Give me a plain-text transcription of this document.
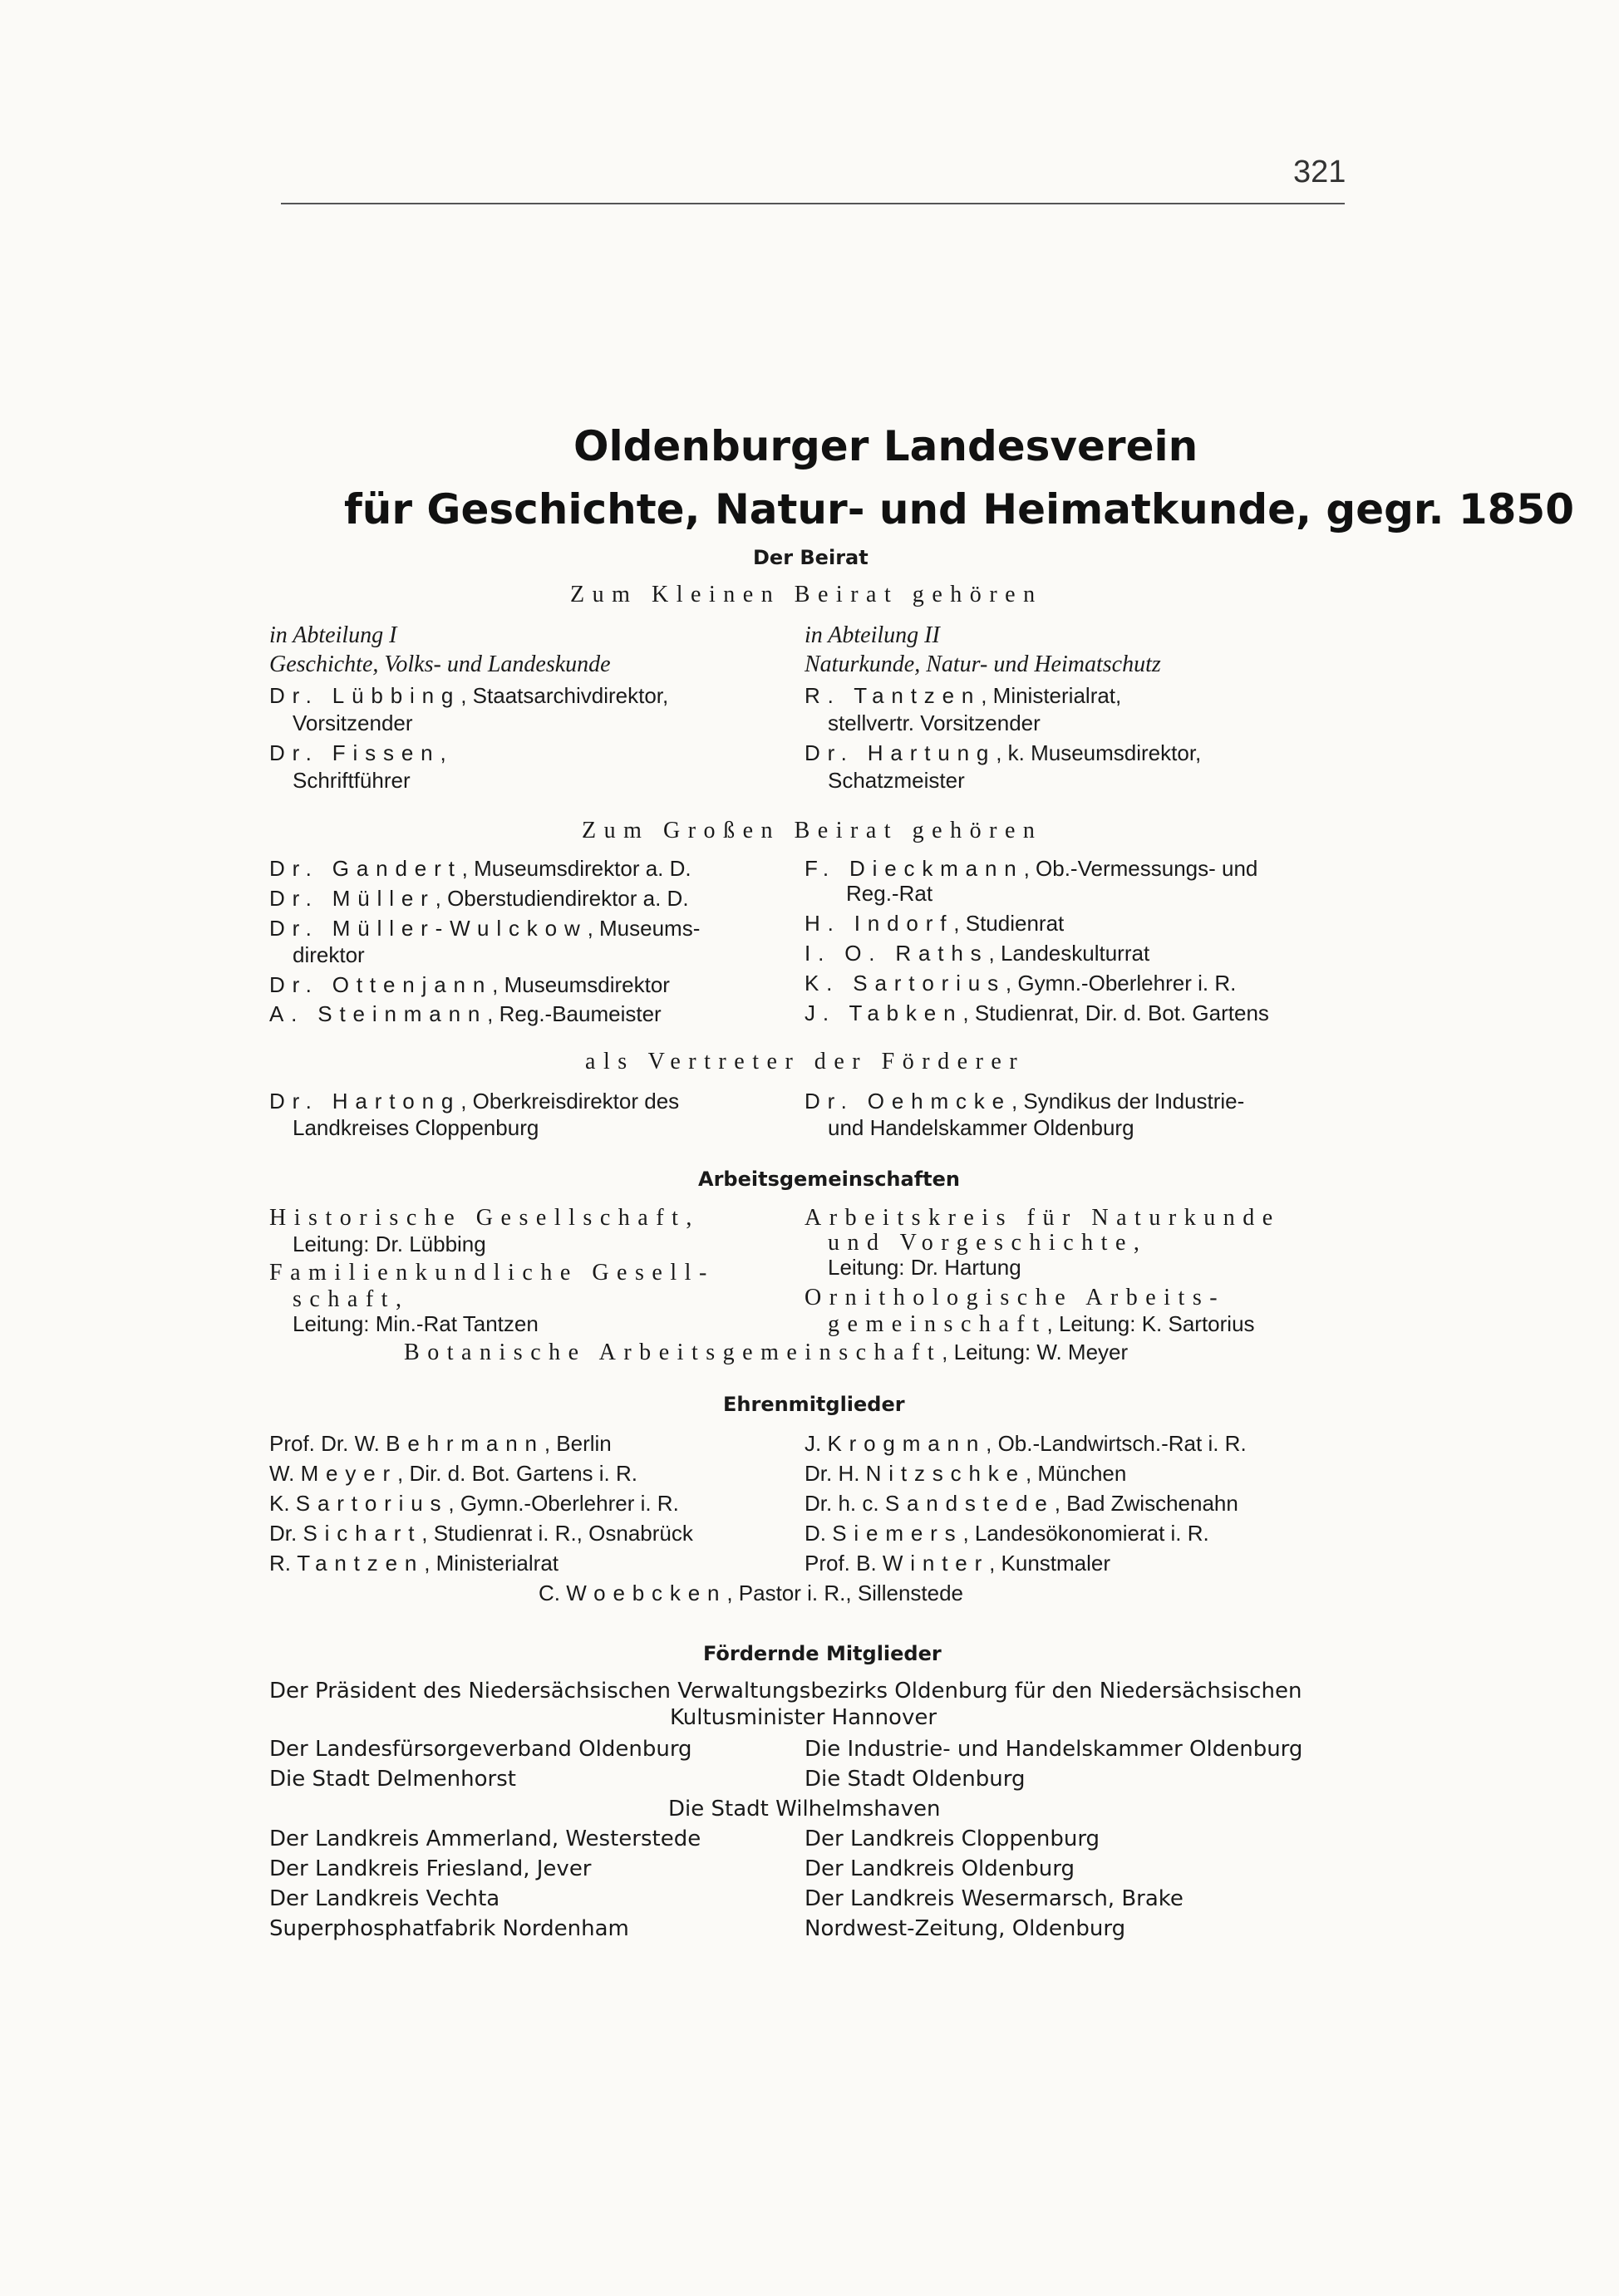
321
Oldenburger Landesverein
für Geschichte, Natur- und Heimatkunde, gegr. 1850
Der Beirat
Zum Kleinen Beirat gehören
in Abteilung I
Geschichte, Volks- und Landeskunde
Dr. Lübbing, Staatsarchivdirektor,
Vorsitzender
Dr. Fissen,
Schriftführer
in Abteilung II
Naturkunde, Natur- und Heimatschutz
R. Tantzen, Ministerialrat,
stellvertr. Vorsitzender
Dr. Hartung, k. Museumsdirektor,
Schatzmeister
Zum Großen Beirat gehören
Dr. Gandert, Museumsdirektor a. D.
Dr. Müller, Oberstudiendirektor a. D.
Dr. Müller-Wulckow, Museums-
direktor
Dr. Ottenjann, Museumsdirektor
A. Steinmann, Reg.-Baumeister
F. Dieckmann, Ob.-Vermessungs- und
Reg.-Rat
H. Indorf, Studienrat
I. O. Raths, Landeskulturrat
K. Sartorius, Gymn.-Oberlehrer i. R.
J. Tabken, Studienrat, Dir. d. Bot. Gartens
als Vertreter der Förderer
Dr. Hartong, Oberkreisdirektor des
Landkreises Cloppenburg
Dr. Oehmcke, Syndikus der Industrie-
und Handelskammer Oldenburg
Arbeitsgemeinschaften
Historische Gesellschaft,
Leitung: Dr. Lübbing
Familienkundliche Gesell-
schaft,
Leitung: Min.-Rat Tantzen
Arbeitskreis für Naturkunde
und Vorgeschichte,
Leitung: Dr. Hartung
Ornithologische Arbeits-
gemeinschaft, Leitung: K. Sartorius
Botanische Arbeitsgemeinschaft, Leitung: W. Meyer
Ehrenmitglieder
Prof. Dr. W. Behrmann, Berlin
W. Meyer, Dir. d. Bot. Gartens i. R.
K. Sartorius, Gymn.-Oberlehrer i. R.
Dr. Sichart, Studienrat i. R., Osnabrück
R. Tantzen, Ministerialrat
J. Krogmann, Ob.-Landwirtsch.-Rat i. R.
Dr. H. Nitzschke, München
Dr. h. c. Sandstede, Bad Zwischenahn
D. Siemers, Landesökonomierat i. R.
Prof. B. Winter, Kunstmaler
C. Woebcken, Pastor i. R., Sillenstede
Fördernde Mitglieder
Der Präsident des Niedersächsischen Verwaltungsbezirks Oldenburg für den Niedersächsischen
Kultusminister Hannover
Der Landesfürsorgeverband Oldenburg
Die Stadt Delmenhorst
Die Industrie- und Handelskammer Oldenburg
Die Stadt Oldenburg
Die Stadt Wilhelmshaven
Der Landkreis Ammerland, Westerstede
Der Landkreis Friesland, Jever
Der Landkreis Vechta
Superphosphatfabrik Nordenham
Der Landkreis Cloppenburg
Der Landkreis Oldenburg
Der Landkreis Wesermarsch, Brake
Nordwest-Zeitung, Oldenburg
